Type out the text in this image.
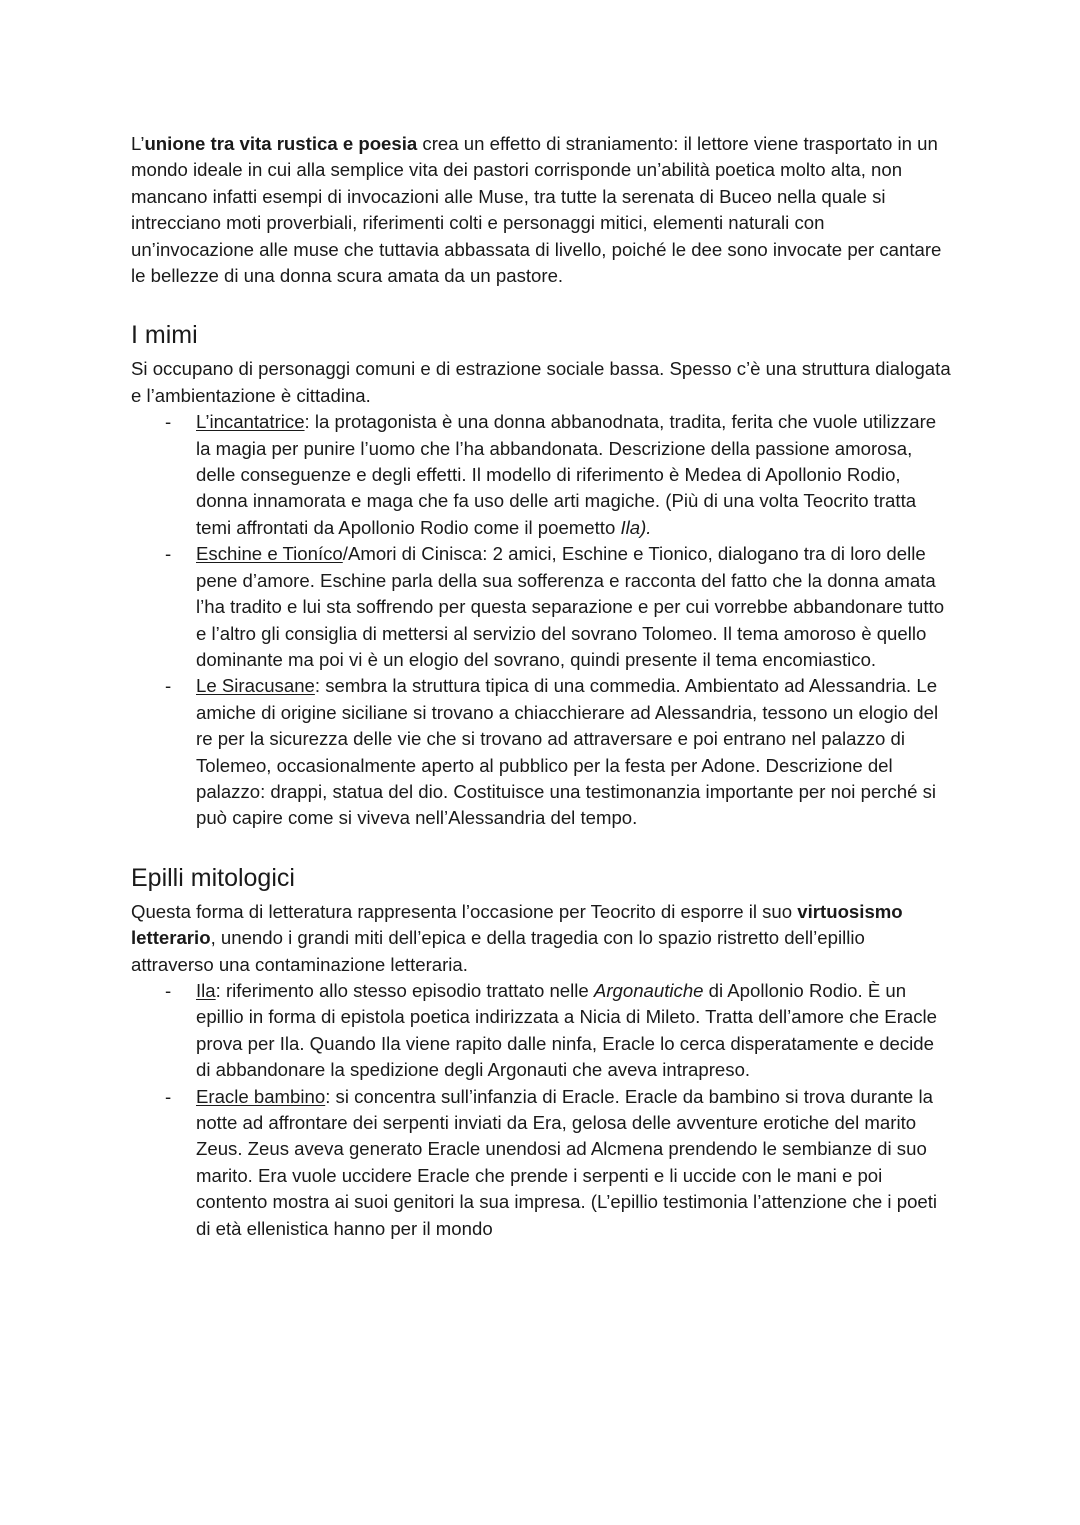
L’unione tra vita rustica e poesia crea un effetto di straniamento: il lettore viene trasportato in un mondo ideale in cui alla semplice vita dei pastori corrisponde un’abilità poetica molto alta, non mancano infatti esempi di invocazioni alle Muse, tra tutte la serenata di Buceo nella quale si intrecciano moti proverbiali, riferimenti colti e personaggi mitici, elementi naturali con un’invocazione alle muse che tuttavia abbassata di livello, poiché le dee sono invocate per cantare le bellezze di una donna scura amata da un pastore.

I mimi

Si occupano di personaggi comuni e di estrazione sociale bassa. Spesso c’è una struttura dialogata e l’ambientazione è cittadina.

- L’incantatrice: la protagonista è una donna abbanodnata, tradita, ferita che vuole utilizzare la magia per punire l’uomo che l’ha abbandonata. Descrizione della passione amorosa, delle conseguenze e degli effetti. Il modello di riferimento è Medea di Apollonio Rodio, donna innamorata e maga che fa uso delle arti magiche. (Più di una volta Teocrito tratta temi affrontati da Apollonio Rodio come il poemetto Ila).
- Eschine e Tioníco/Amori di Cinisca: 2 amici, Eschine e Tionico, dialogano tra di loro delle pene d’amore. Eschine parla della sua sofferenza e racconta del fatto che la donna amata l’ha tradito e lui sta soffrendo per questa separazione e per cui vorrebbe abbandonare tutto e l’altro gli consiglia di mettersi al servizio del sovrano Tolomeo. Il tema amoroso è quello dominante ma poi vi è un elogio del sovrano, quindi presente il tema encomiastico.
- Le Siracusane: sembra la struttura tipica di una commedia. Ambientato ad Alessandria. Le amiche di origine siciliane si trovano a chiacchierare ad Alessandria, tessono un elogio del re per la sicurezza delle vie che si trovano ad attraversare e poi entrano nel palazzo di Tolemeo, occasionalmente aperto al pubblico per la festa per Adone. Descrizione del palazzo: drappi, statua del dio. Costituisce una testimonanzia importante per noi perché si può capire come si viveva nell’Alessandria del tempo.
Epilli mitologici

Questa forma di letteratura rappresenta l’occasione per Teocrito di esporre il suo virtuosismo letterario, unendo i grandi miti dell’epica e della tragedia con lo spazio ristretto dell’epillio attraverso una contaminazione letteraria.

- Ila: riferimento allo stesso episodio trattato nelle Argonautiche di Apollonio Rodio. È un epillio in forma di epistola poetica indirizzata a Nicia di Mileto. Tratta dell’amore che Eracle prova per Ila. Quando Ila viene rapito dalle ninfa, Eracle lo cerca disperatamente e decide di abbandonare la spedizione degli Argonauti che aveva intrapreso.
- Eracle bambino: si concentra sull’infanzia di Eracle. Eracle da bambino si trova durante la notte ad affrontare dei serpenti inviati da Era, gelosa delle avventure erotiche del marito Zeus. Zeus aveva generato Eracle unendosi ad Alcmena prendendo le sembianze di suo marito. Era vuole uccidere Eracle che prende i serpenti e li uccide con le mani e poi contento mostra ai suoi genitori la sua impresa. (L’epillio testimonia l’attenzione che i poeti di età ellenistica hanno per il mondo
